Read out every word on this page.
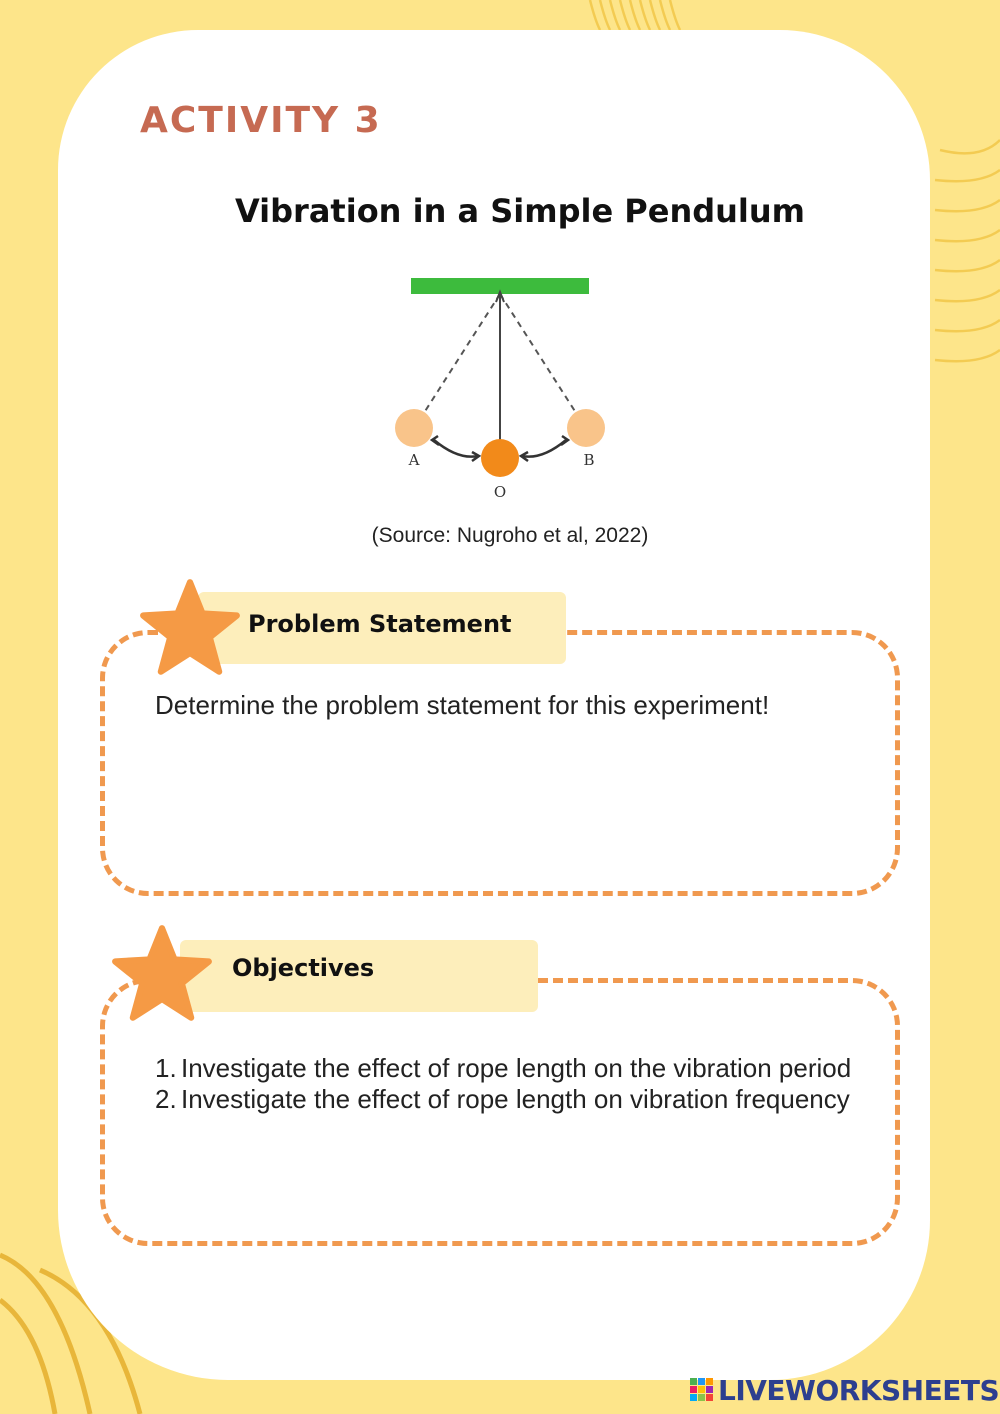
ACTIVITY 3
Vibration in a Simple Pendulum
A	B
O
(Source: Nugroho et al, 2022)
Problem Statement
Determine the problem statement for this experiment!
Objectives
1. Investigate the effect of rope length on the vibration period
2. Investigate the effect of rope length on vibration frequency
LIVEWORKSHEETS
